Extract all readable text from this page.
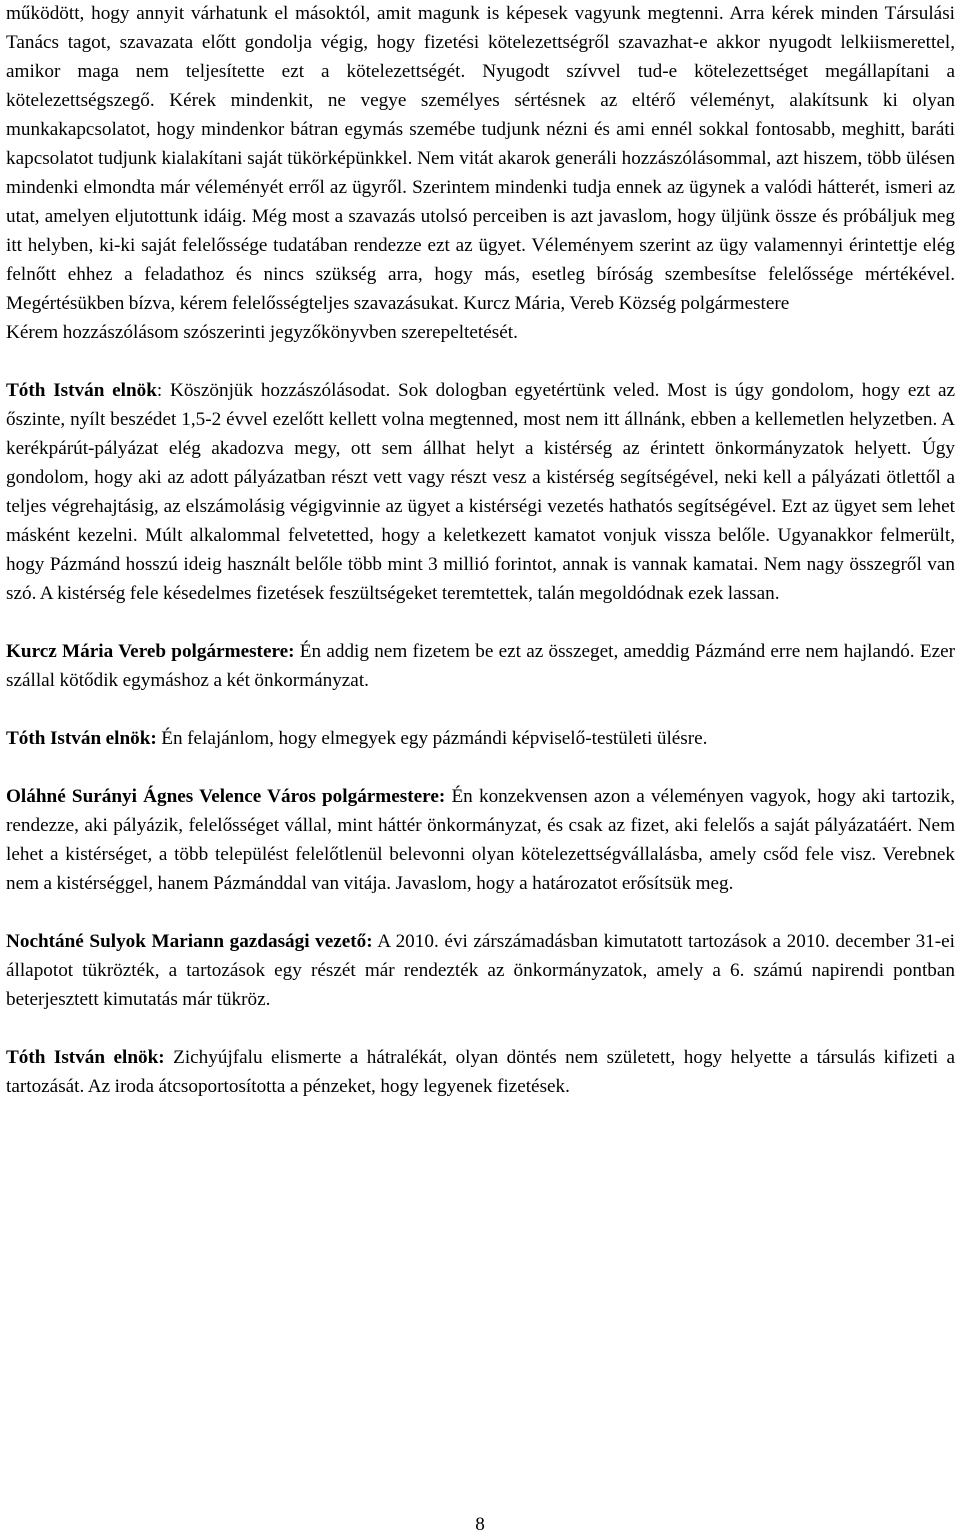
működött, hogy annyit várhatunk el másoktól, amit magunk is képesek vagyunk megtenni. Arra kérek minden Társulási Tanács tagot, szavazata előtt gondolja végig, hogy fizetési kötelezettségről szavazhat-e akkor nyugodt lelkiismerettel, amikor maga nem teljesítette ezt a kötelezettségét. Nyugodt szívvel tud-e kötelezettséget megállapítani a kötelezettségszegő. Kérek mindenkit, ne vegye személyes sértésnek az eltérő véleményt, alakítsunk ki olyan munkakapcsolatot, hogy mindenkor bátran egymás szemébe tudjunk nézni és ami ennél sokkal fontosabb, meghitt, baráti kapcsolatot tudjunk kialakítani saját tükörképünkkel. Nem vitát akarok generáli hozzászólásommal, azt hiszem, több ülésen mindenki elmondta már véleményét erről az ügyről. Szerintem mindenki tudja ennek az ügynek a valódi hátterét, ismeri az utat, amelyen eljutottunk idáig. Még most a szavazás utolsó perceiben is azt javaslom, hogy üljünk össze és próbáljuk meg itt helyben, ki-ki saját felelőssége tudatában rendezze ezt az ügyet. Véleményem szerint az ügy valamennyi érintettje elég felnőtt ehhez a feladathoz és nincs szükség arra, hogy más, esetleg bíróság szembesítse felelőssége mértékével. Megértésükben bízva, kérem felelősségteljes szavazásukat. Kurcz Mária, Vereb Község polgármestere

Kérem hozzászólásom szószerinti jegyzőkönyvben szerepeltetését.

Tóth István elnök: Köszönjük hozzászólásodat. Sok dologban egyetértünk veled. Most is úgy gondolom, hogy ezt az őszinte, nyílt beszédet 1,5-2 évvel ezelőtt kellett volna megtenned, most nem itt állnánk, ebben a kellemetlen helyzetben. A kerékpárút-pályázat elég akadozva megy, ott sem állhat helyt a kistérség az érintett önkormányzatok helyett. Úgy gondolom, hogy aki az adott pályázatban részt vett vagy részt vesz a kistérség segítségével, neki kell a pályázati ötlettől a teljes végrehajtásig, az elszámolásig végigvinnie az ügyet a kistérségi vezetés hathatós segítségével. Ezt az ügyet sem lehet másként kezelni. Múlt alkalommal felvetetted, hogy a keletkezett kamatot vonjuk vissza belőle. Ugyanakkor felmerült, hogy Pázmánd hosszú ideig használt belőle több mint 3 millió forintot, annak is vannak kamatai. Nem nagy összegről van szó. A kistérség fele késedelmes fizetések feszültségeket teremtettek, talán megoldódnak ezek lassan.

Kurcz Mária Vereb polgármestere: Én addig nem fizetem be ezt az összeget, ameddig Pázmánd erre nem hajlandó. Ezer szállal kötődik egymáshoz a két önkormányzat.

Tóth István elnök: Én felajánlom, hogy elmegyek egy pázmándi képviselő-testületi ülésre.

Oláhné Surányi Ágnes Velence Város polgármestere: Én konzekvensen azon a véleményen vagyok, hogy aki tartozik, rendezze, aki pályázik, felelősséget vállal, mint háttér önkormányzat, és csak az fizet, aki felelős a saját pályázatáért. Nem lehet a kistérséget, a több települést felelőtlenül belevonni olyan kötelezettségvállalásba, amely csőd fele visz. Verebnek nem a kistérséggel, hanem Pázmánddal van vitája. Javaslom, hogy a határozatot erősítsük meg.

Nochtáné Sulyok Mariann gazdasági vezető: A 2010. évi zárszámadásban kimutatott tartozások a 2010. december 31-ei állapotot tükrözték, a tartozások egy részét már rendezték az önkormányzatok, amely a 6. számú napirendi pontban beterjesztett kimutatás már tükröz.

Tóth István elnök: Zichyújfalu elismerte a hátralékát, olyan döntés nem született, hogy helyette a társulás kifizeti a tartozását. Az iroda átcsoportosította a pénzeket, hogy legyenek fizetések.

8
